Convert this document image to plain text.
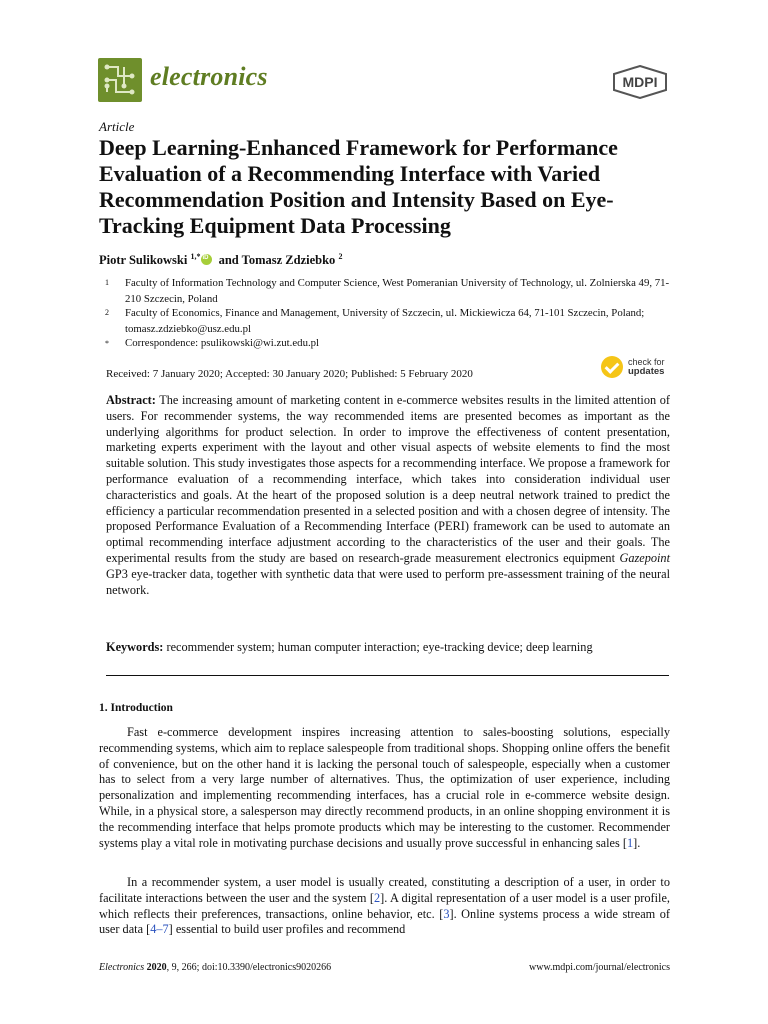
electronics	MDPI
Article
Deep Learning-Enhanced Framework for Performance Evaluation of a Recommending Interface with Varied Recommendation Position and Intensity Based on Eye-Tracking Equipment Data Processing
Piotr Sulikowski $^{1,*}$iD and Tomasz Zdziebko $^2$
1 Faculty of Information Technology and Computer Science, West Pomeranian University of Technology, ul. Zolnierska 49, 71-210 Szczecin, Poland
2 Faculty of Economics, Finance and Management, University of Szczecin, ul. Mickiewicza 64, 71-101 Szczecin, Poland; tomasz.zdziebko@usz.edu.pl
* Correspondence: psulikowski@wi.zut.edu.pl
Received: 7 January 2020; Accepted: 30 January 2020; Published: 5 February 2020
check for
updates
Abstract: The increasing amount of marketing content in e-commerce websites results in the limited attention of users. For recommender systems, the way recommended items are presented becomes as important as the underlying algorithms for product selection. In order to improve the effectiveness of content presentation, marketing experts experiment with the layout and other visual aspects of website elements to find the most suitable solution. This study investigates those aspects for a recommending interface. We propose a framework for performance evaluation of a recommending interface, which takes into consideration individual user characteristics and goals. At the heart of the proposed solution is a deep neutral network trained to predict the efficiency a particular recommendation presented in a selected position and with a chosen degree of intensity. The proposed Performance Evaluation of a Recommending Interface (PERI) framework can be used to automate an optimal recommending interface adjustment according to the characteristics of the user and their goals. The experimental results from the study are based on research-grade measurement electronics equipment Gazepoint GP3 eye-tracker data, together with synthetic data that were used to perform pre-assessment training of the neural network.
Keywords: recommender system; human computer interaction; eye-tracking device; deep learning
1. Introduction
Fast e-commerce development inspires increasing attention to sales-boosting solutions, especially recommending systems, which aim to replace salespeople from traditional shops. Shopping online offers the benefit of convenience, but on the other hand it is lacking the personal touch of salespeople, especially when a customer has to select from a very large number of alternatives. Thus, the optimization of user experience, including personalization and implementing recommending interfaces, has a crucial role in e-commerce website design. While, in a physical store, a salesperson may directly recommend products, in an online shopping environment it is the recommending interface that helps promote products which may be interesting to the customer. Recommender systems play a vital role in motivating purchase decisions and usually prove successful in enhancing sales [1].
In a recommender system, a user model is usually created, constituting a description of a user, in order to facilitate interactions between the user and the system [2]. A digital representation of a user model is a user profile, which reflects their preferences, transactions, online behavior, etc. [3]. Online systems process a wide stream of user data [4–7] essential to build user profiles and recommend
Electronics 2020, 9, 266; doi:10.3390/electronics9020266	www.mdpi.com/journal/electronics
